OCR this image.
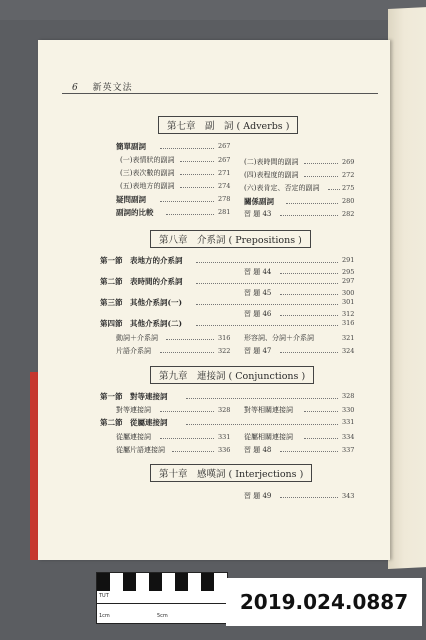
6 新英文法
第七章　副　詞 ( Adverbs )
簡單副詞	267
(一)表情狀的副詞	267 (二)表時間的副詞	269
(三)表次數的副詞	271 (四)表程度的副詞	272
(五)表地方的副詞	274 (六)表肯定、否定的副詞	275
疑問副詞	278 關係副詞	280
副詞的比較	281 習 題 43	282
第八章　介系詞 ( Prepositions )
第一節　 表地方的介系詞	291
習 題 44	295
第二節　 表時間的介系詞	297
習 題 45	300
第三節　 其他介系詞(一)	301
習 題 46	312
第四節　 其他介系詞(二)	316
動詞＋介系詞	316 形容詞、分詞＋介系詞	321
片語介系詞	322 習 題 47	324
第九章　連接詞 ( Conjunctions )
第一節　 對等連接詞	328
對等連接詞	328 對等相關連接詞	330
第二節　 從屬連接詞	331
從屬連接詞	331 從屬相關連接詞	334
從屬片語連接詞	336 習 題 48	337
第十章　感嘆詞 ( Interjections )
習 題 49	343
1cm	5cm
TUT	2019.024.0887
